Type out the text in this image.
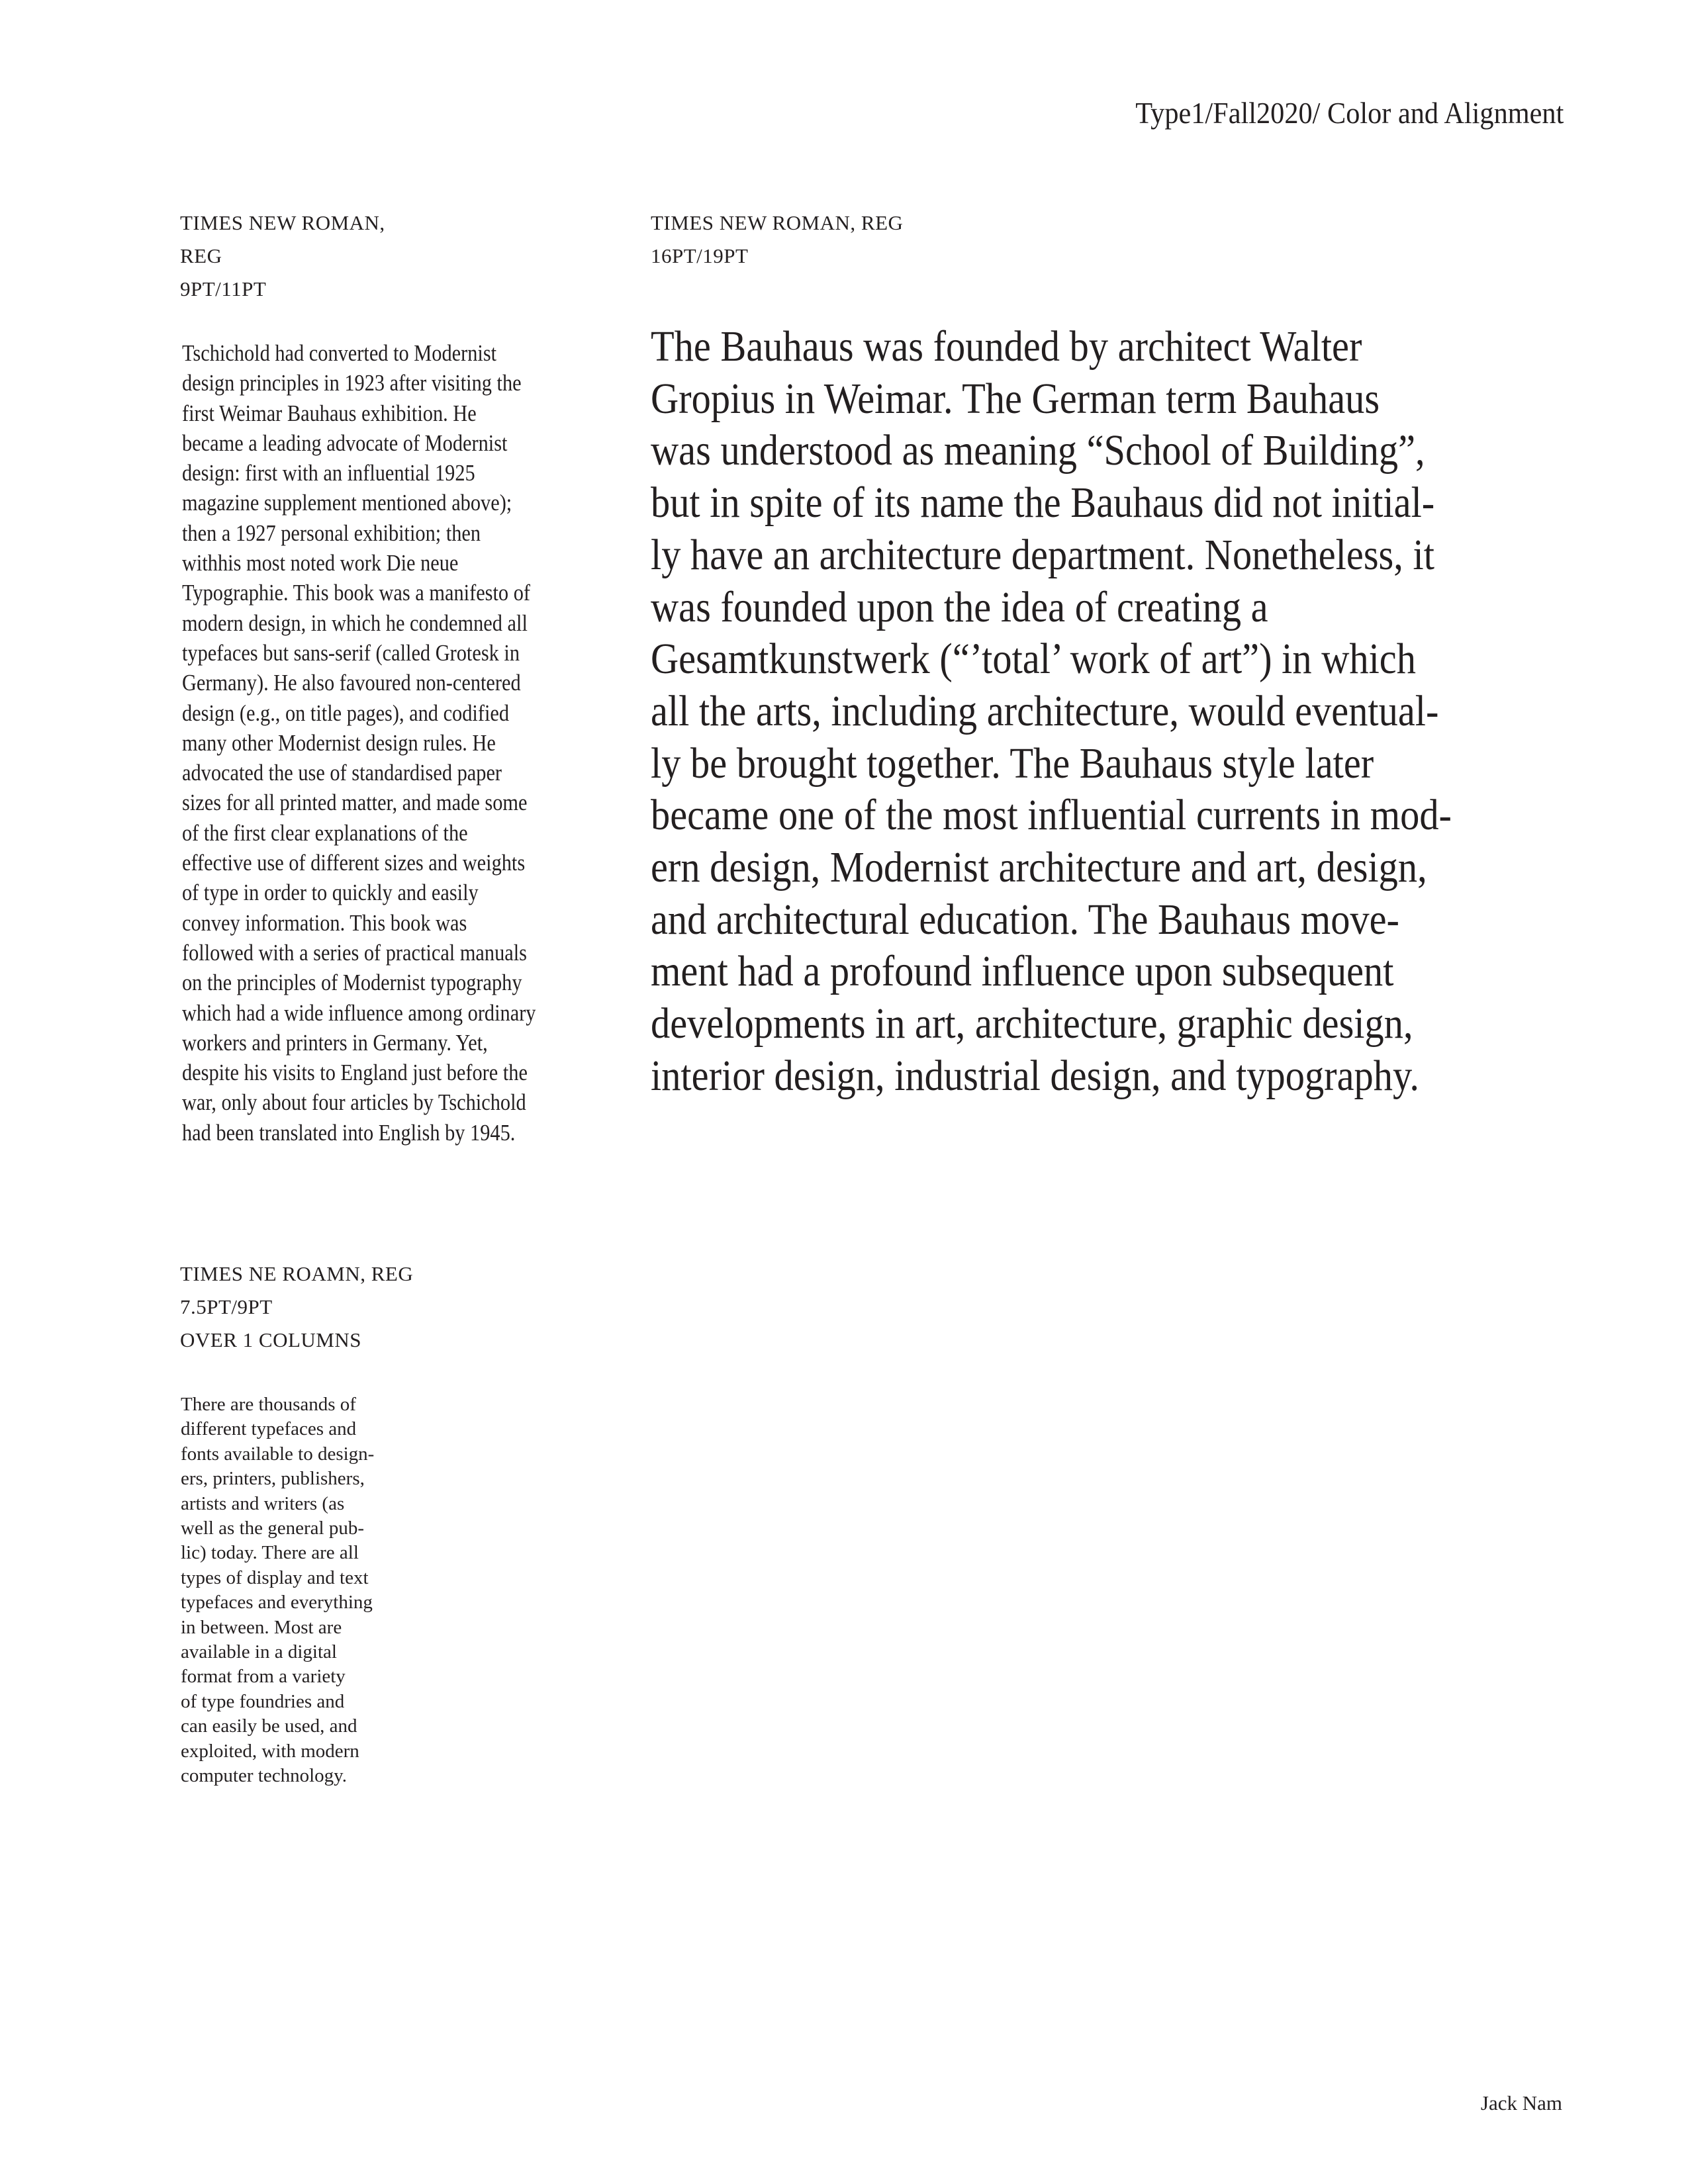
Type1/Fall2020/ Color and Alignment
TIMES NEW ROMAN,
REG
9PT/11PT
Tschichold had converted to Modernist
design principles in 1923 after visiting the
first Weimar Bauhaus exhibition. He
became a leading advocate of Modernist
design: first with an influential 1925
magazine supplement mentioned above);
then a 1927 personal exhibition; then
withhis most noted work Die neue
Typographie. This book was a manifesto of
modern design, in which he condemned all
typefaces but sans-serif (called Grotesk in
Germany). He also favoured non-centered
design (e.g., on title pages), and codified
many other Modernist design rules. He
advocated the use of standardised paper
sizes for all printed matter, and made some
of the first clear explanations of the
effective use of different sizes and weights
of type in order to quickly and easily
convey information. This book was
followed with a series of practical manuals
on the principles of Modernist typography
which had a wide influence among ordinary
workers and printers in Germany. Yet,
despite his visits to England just before the
war, only about four articles by Tschichold
had been translated into English by 1945.
TIMES NEW ROMAN, REG
16PT/19PT
The Bauhaus was founded by architect Walter
Gropius in Weimar. The German term Bauhaus
was understood as meaning “School of Building”,
but in spite of its name the Bauhaus did not initial-
ly have an architecture department. Nonetheless, it
was founded upon the idea of creating a
Gesamtkunstwerk (“’total’ work of art”) in which
all the arts, including architecture, would eventual-
ly be brought together. The Bauhaus style later
became one of the most influential currents in mod-
ern design, Modernist architecture and art, design,
and architectural education. The Bauhaus move-
ment had a profound influence upon subsequent
developments in art, architecture, graphic design,
interior design, industrial design, and typography.
TIMES NE ROAMN, REG
7.5PT/9PT
OVER 1 COLUMNS
There are thousands of
different typefaces and
fonts available to design-
ers, printers, publishers,
artists and writers (as
well as the general pub-
lic) today. There are all
types of display and text
typefaces and everything
in between. Most are
available in a digital
format from a variety
of type foundries and
can easily be used, and
exploited, with modern
computer technology.
Jack Nam
